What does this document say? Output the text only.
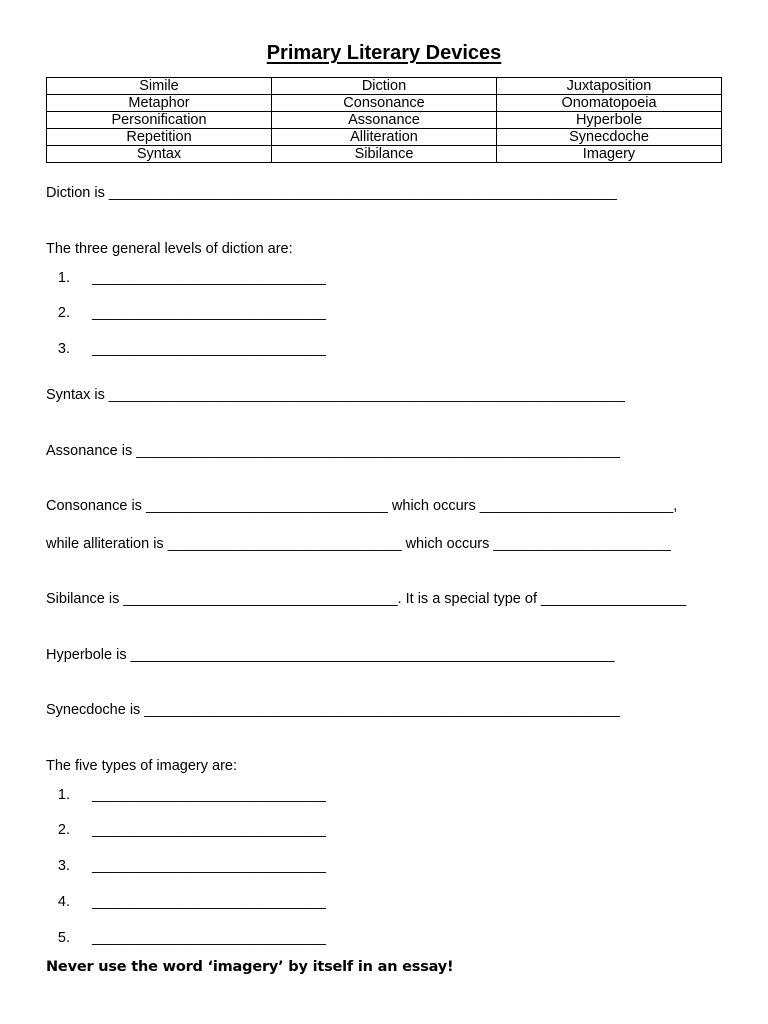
Primary Literary Devices
Simile	Diction	Juxtaposition
Metaphor	Consonance	Onomatopoeia
Personification	Assonance	Hyperbole
Repetition	Alliteration	Synecdoche
Syntax	Sibilance	Imagery
Diction is _______________________________________________________________
The three general levels of diction are:
1. _____________________________
2. _____________________________
3. _____________________________
Syntax is ________________________________________________________________
Assonance is ____________________________________________________________
Consonance is ______________________________ which occurs ________________________,
while alliteration is _____________________________ which occurs ______________________
Sibilance is __________________________________. It is a special type of __________________
Hyperbole is ____________________________________________________________
Synecdoche is ___________________________________________________________
The five types of imagery are:
1. _____________________________
2. _____________________________
3. _____________________________
4. _____________________________
5. _____________________________
Never use the word ‘imagery’ by itself in an essay!
